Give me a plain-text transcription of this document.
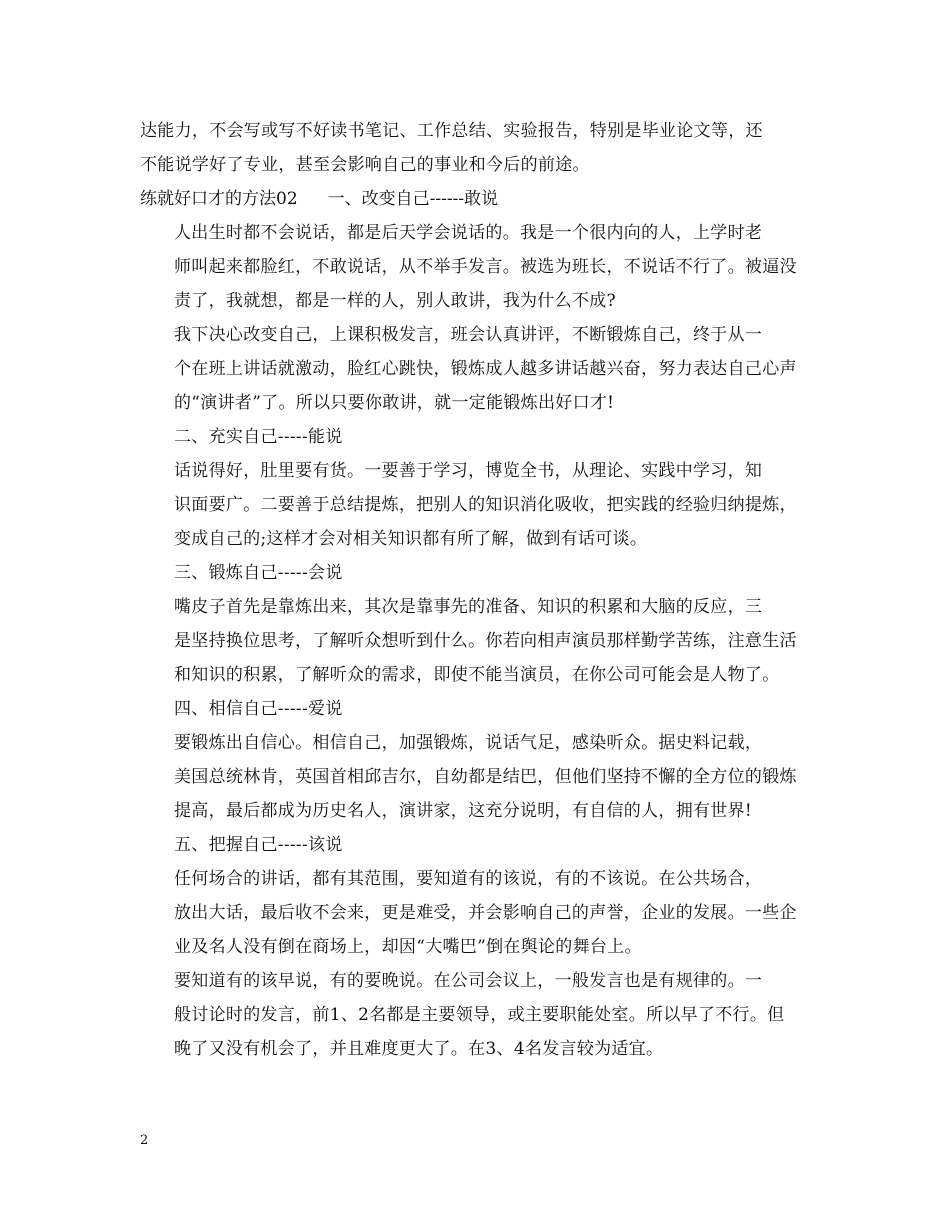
达能力，不会写或写不好读书笔记、工作总结、实验报告，特别是毕业论文等，还
不能说学好了专业，甚至会影响自己的事业和今后的前途。

练就好口才的方法02 一、改变自己------敢说

人出生时都不会说话，都是后天学会说话的。我是一个很内向的人，上学时老
师叫起来都脸红，不敢说话，从不举手发言。被选为班长，不说话不行了。被逼没
责了，我就想，都是一样的人，别人敢讲，我为什么不成?

我下决心改变自己，上课积极发言，班会认真讲评，不断锻炼自己，终于从一
个在班上讲话就激动，脸红心跳快，锻炼成人越多讲话越兴奋，努力表达自己心声
的“演讲者”了。所以只要你敢讲，就一定能锻炼出好口才!

二、充实自己-----能说

话说得好，肚里要有货。一要善于学习，博览全书，从理论、实践中学习，知
识面要广。二要善于总结提炼，把别人的知识消化吸收，把实践的经验归纳提炼，
变成自己的;这样才会对相关知识都有所了解，做到有话可谈。

三、锻炼自己-----会说

嘴皮子首先是靠炼出来，其次是靠事先的准备、知识的积累和大脑的反应，三
是坚持换位思考，了解听众想听到什么。你若向相声演员那样勤学苦练，注意生活
和知识的积累，了解听众的需求，即使不能当演员，在你公司可能会是人物了。

四、相信自己-----爱说

要锻炼出自信心。相信自己，加强锻炼，说话气足，感染听众。据史料记载，
美国总统林肯，英国首相邱吉尔，自幼都是结巴，但他们坚持不懈的全方位的锻炼
提高，最后都成为历史名人，演讲家，这充分说明，有自信的人，拥有世界!

五、把握自己-----该说

任何场合的讲话，都有其范围，要知道有的该说，有的不该说。在公共场合，
放出大话，最后收不会来，更是难受，并会影响自己的声誉，企业的发展。一些企
业及名人没有倒在商场上，却因“大嘴巴”倒在舆论的舞台上。

要知道有的该早说，有的要晚说。在公司会议上，一般发言也是有规律的。一
般讨论时的发言，前1、2名都是主要领导，或主要职能处室。所以早了不行。但
晚了又没有机会了，并且难度更大了。在3、4名发言较为适宜。

2
